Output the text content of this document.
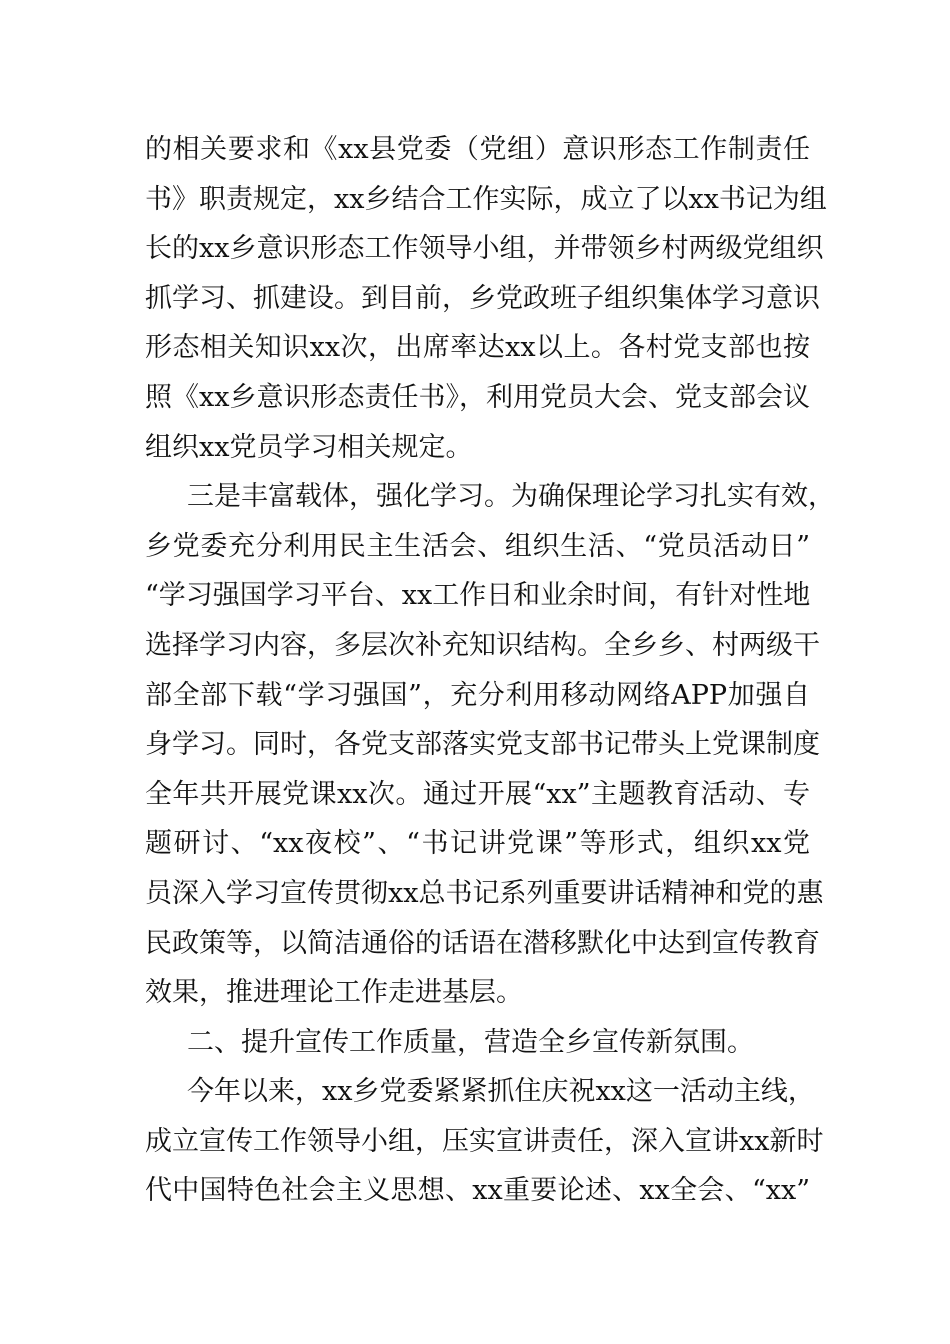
的相关要求和《xx县党委（党组）意识形态工作制责任
书》职责规定，xx乡结合工作实际，成立了以xx书记为组
长的xx乡意识形态工作领导小组，并带领乡村两级党组织
抓学习、抓建设。到目前，乡党政班子组织集体学习意识
形态相关知识xx次，出席率达xx以上。各村党支部也按
照《xx乡意识形态责任书》，利用党员大会、党支部会议
组织xx党员学习相关规定。
三是丰富载体，强化学习。为确保理论学习扎实有效，
乡党委充分利用民主生活会、组织生活、“党员活动日”
“学习强国学习平台、xx工作日和业余时间，有针对性地
选择学习内容，多层次补充知识结构。全乡乡、村两级干
部全部下载“学习强国”，充分利用移动网络APP加强自
身学习。同时，各党支部落实党支部书记带头上党课制度
全年共开展党课xx次。通过开展“xx”主题教育活动、专
题研讨、“xx夜校”、“书记讲党课”等形式，组织xx党
员深入学习宣传贯彻xx总书记系列重要讲话精神和党的惠
民政策等，以简洁通俗的话语在潜移默化中达到宣传教育
效果，推进理论工作走进基层。
二、提升宣传工作质量，营造全乡宣传新氛围。
今年以来，xx乡党委紧紧抓住庆祝xx这一活动主线，
成立宣传工作领导小组，压实宣讲责任，深入宣讲xx新时
代中国特色社会主义思想、xx重要论述、xx全会、“xx”
